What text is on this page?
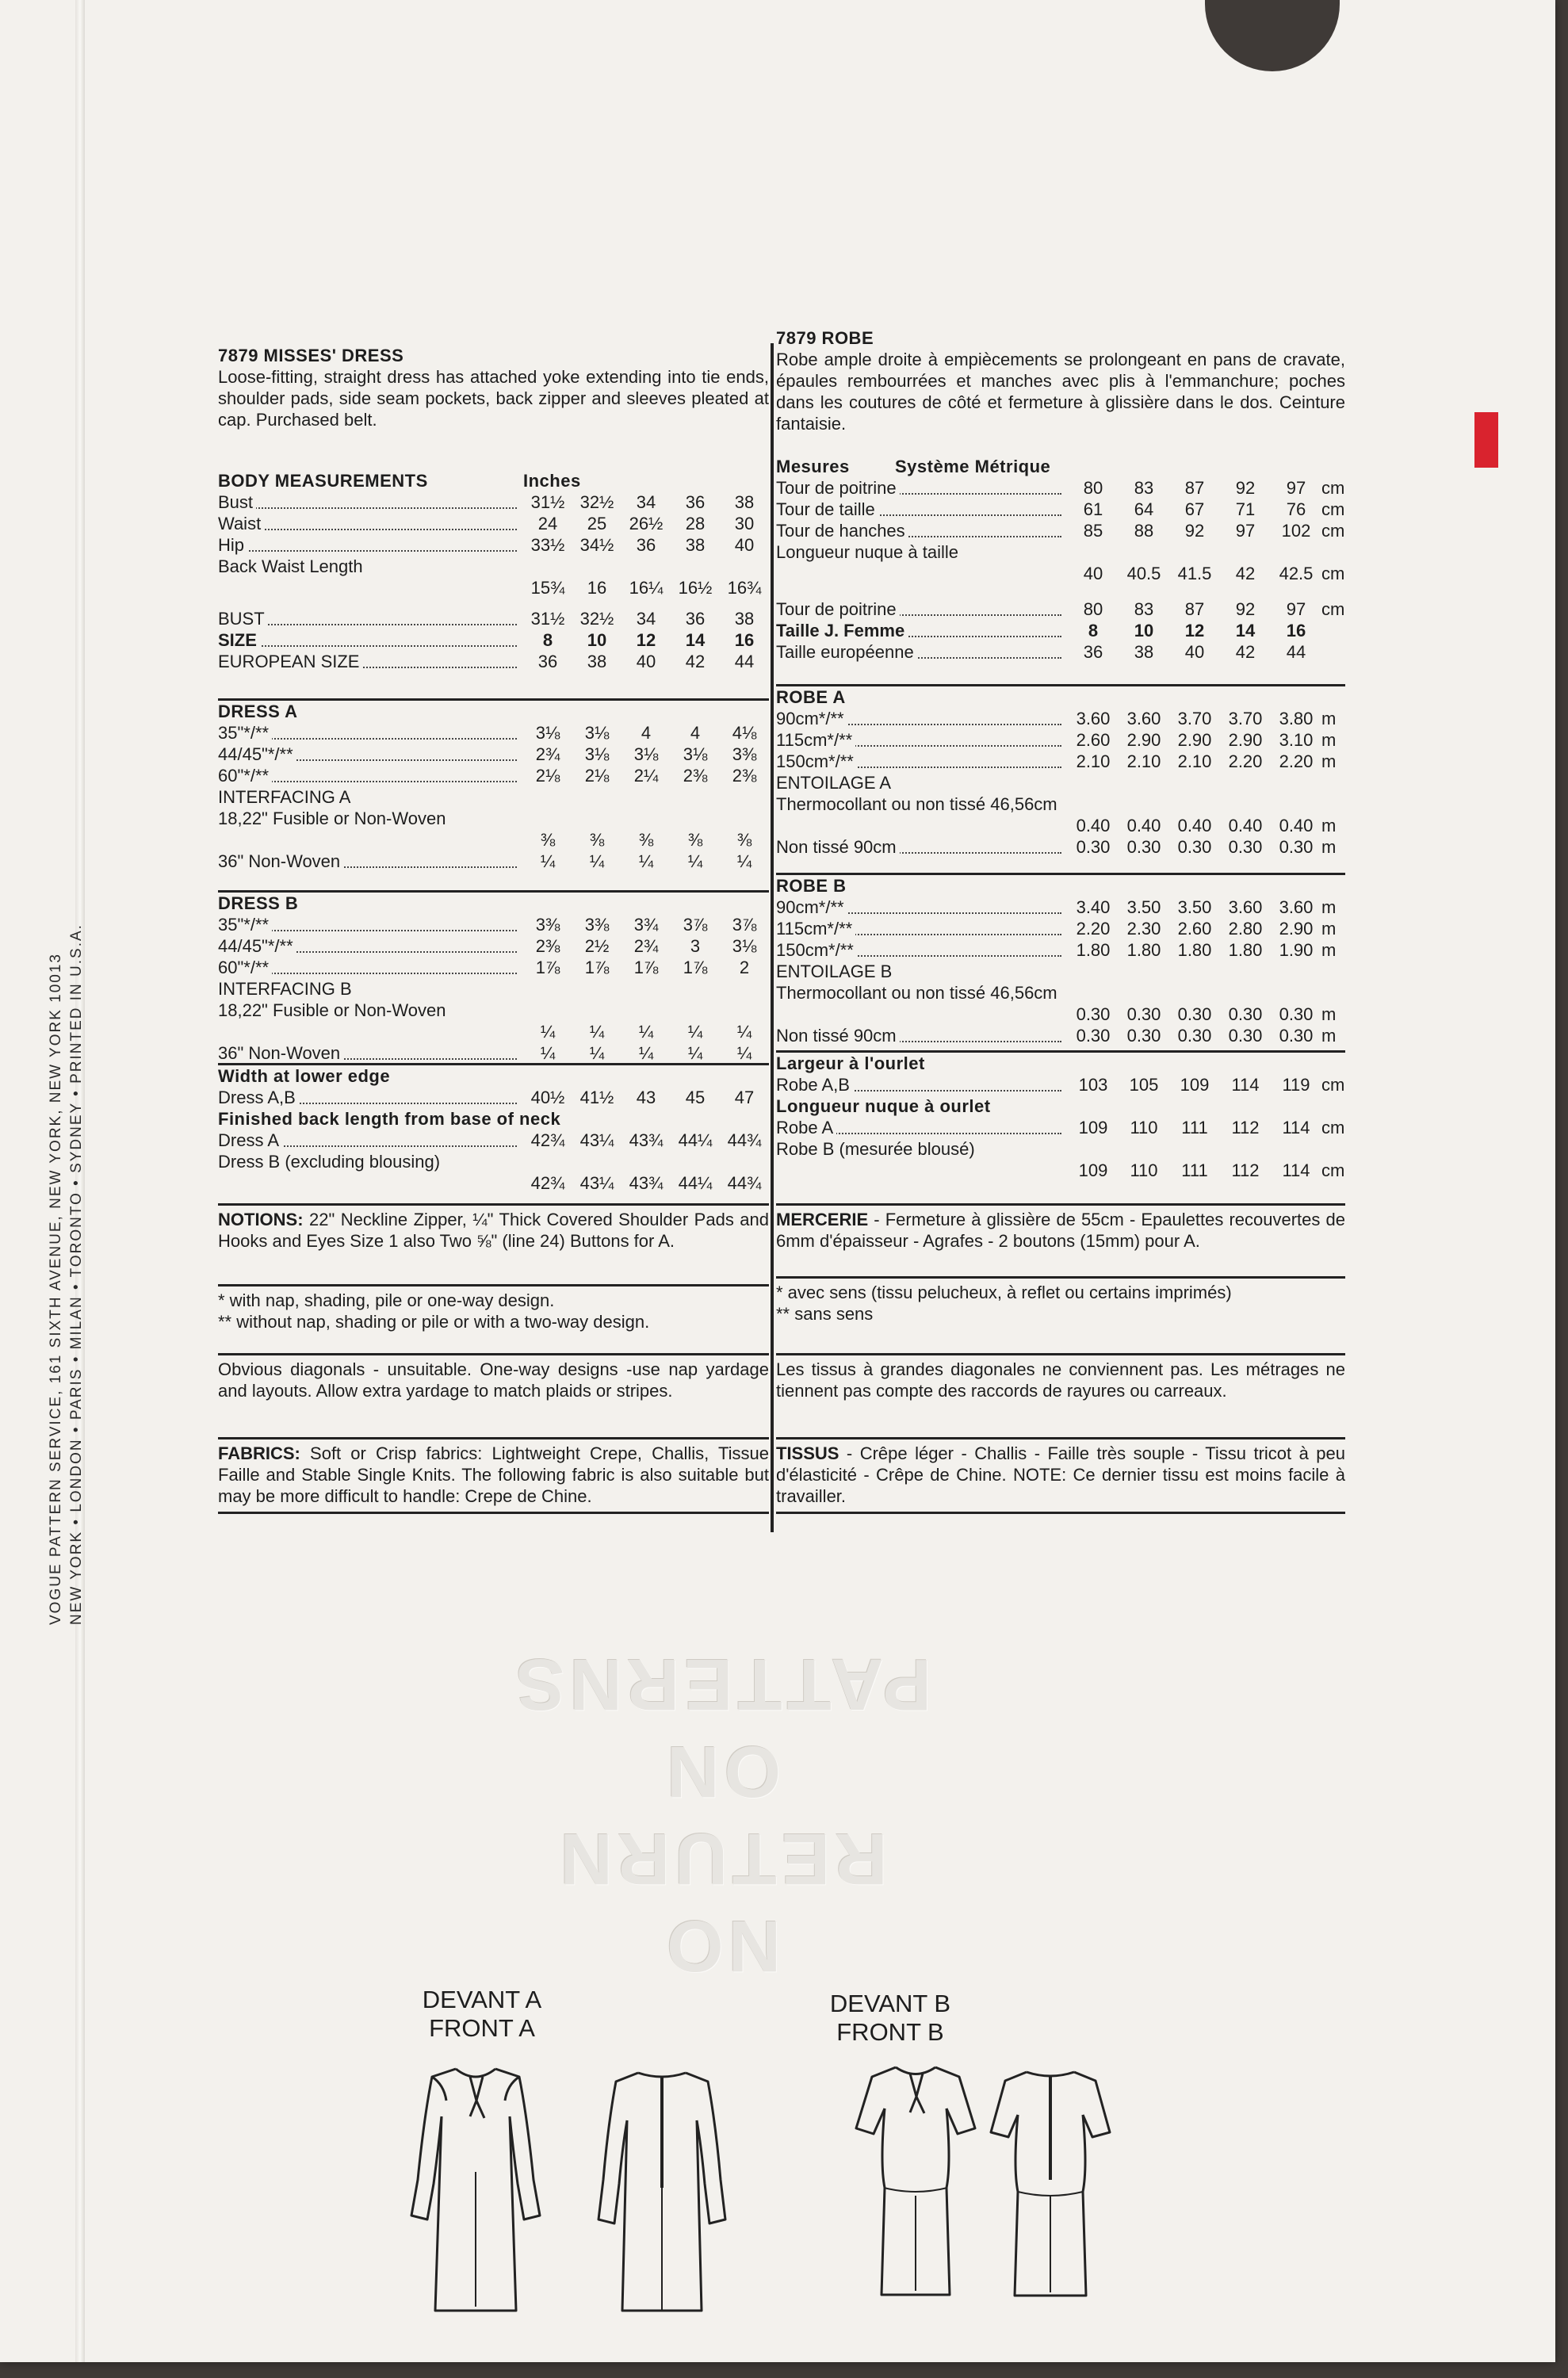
VOGUE PATTERN SERVICE, 161 SIXTH AVENUE, NEW YORK, NEW YORK 10013 NEW YORK • LONDON • PARIS • MILAN • TORONTO • SYDNEY • PRINTED IN U.S.A.
7879 MISSES' DRESS
Loose-fitting, straight dress has attached yoke extending into tie ends, shoulder pads, side seam pockets, back zipper and sleeves pleated at cap. Purchased belt.
BODY MEASUREMENTS	Inches
Bust	31½ 32½	34	36	38
Waist	24	25	26½	28	30
Hip	33½ 34½	36	38	40
Back Waist Length
15¾	16	16¼ 16½ 16¾
BUST	31½ 32½	34	36	38
SIZE	8	10	12	14	16
EUROPEAN SIZE	36	38	40	42	44
DRESS A
35"*/**	3⅛	3⅛	4	4	4⅛
44/45"*/**	2¾	3⅛	3⅛	3⅛	3⅜
60"*/**	2⅛	2⅛	2¼	2⅜	2⅜
INTERFACING A
18,22" Fusible or Non-Woven
⅜	⅜	⅜	⅜	⅜
36" Non-Woven	¼	¼	¼	¼	¼
DRESS B
35"*/**	3⅜	3⅜	3¾	3⅞	3⅞
44/45"*/**	2⅜	2½	2¾	3	3⅛
60"*/**	1⅞	1⅞	1⅞	1⅞	2
INTERFACING B
18,22" Fusible or Non-Woven
¼	¼	¼	¼	¼
36" Non-Woven	¼	¼	¼	¼	¼
Width at lower edge
Dress A,B	40½ 41½	43	45	47
Finished back length from base of neck
Dress A	42¾ 43¼ 43¾ 44¼ 44¾
Dress B (excluding blousing)
42¾ 43¼ 43¾ 44¼ 44¾
NOTIONS: 22" Neckline Zipper, ¼" Thick Covered Shoulder Pads and Hooks and Eyes Size 1 also Two ⅝" (line 24) Buttons for A.
* with nap, shading, pile or one-way design.
** without nap, shading or pile or with a two-way design.
Obvious diagonals - unsuitable. One-way designs -use nap yardage and layouts. Allow extra yardage to match plaids or stripes.
FABRICS: Soft or Crisp fabrics: Lightweight Crepe, Challis, Tissue Faille and Stable Single Knits. The following fabric is also suitable but may be more difficult to handle: Crepe de Chine.
7879 ROBE
Robe ample droite à empiècements se prolongeant en pans de cravate, épaules rembourrées et manches avec plis à l'emmanchure; poches dans les coutures de côté et fermeture à glissière dans le dos. Ceinture fantaisie.
Mesures	Système Métrique
Tour de poitrine	80	83	87	92	97 cm
Tour de taille	61	64	67	71	76 cm
Tour de hanches	85	88	92	97	102 cm
Longueur nuque à taille
40	40.5 41.5	42	42.5 cm
Tour de poitrine	80	83	87	92	97 cm
Taille J. Femme	8	10	12	14	16
Taille européenne	36	38	40	42	44
ROBE A
90cm*/**	3.60 3.60 3.70 3.70 3.80 m
115cm*/**	2.60 2.90 2.90 2.90 3.10 m
150cm*/**	2.10 2.10 2.10 2.20 2.20 m
ENTOILAGE A
Thermocollant ou non tissé 46,56cm
0.40 0.40 0.40 0.40 0.40 m
Non tissé 90cm	0.30 0.30 0.30 0.30 0.30 m
ROBE B
90cm*/**	3.40 3.50 3.50 3.60 3.60 m
115cm*/**	2.20 2.30 2.60 2.80 2.90 m
150cm*/**	1.80 1.80 1.80 1.80 1.90 m
ENTOILAGE B
Thermocollant ou non tissé 46,56cm
0.30 0.30 0.30 0.30 0.30 m
Non tissé 90cm	0.30 0.30 0.30 0.30 0.30 m
Largeur à l'ourlet
Robe A,B	103	105	109	114	119 cm
Longueur nuque à ourlet
Robe A	109	110	111	112	114 cm
Robe B (mesurée blousé)
109	110	111	112	114 cm
MERCERIE - Fermeture à glissière de 55cm - Epaulettes recouvertes de 6mm d'épaisseur - Agrafes - 2 boutons (15mm) pour A.
* avec sens (tissu pelucheux, à reflet ou certains imprimés)
** sans sens
Les tissus à grandes diagonales ne conviennent pas. Les métrages ne tiennent pas compte des raccords de rayures ou carreaux.
TISSUS - Crêpe léger - Challis - Faille très souple - Tissu tricot à peu d'élasticité - Crêpe de Chine. NOTE: Ce dernier tissu est moins facile à travailler.
NO RETURN
ON PATTERNS
DEVANT A
FRONT A
DEVANT B
FRONT B
